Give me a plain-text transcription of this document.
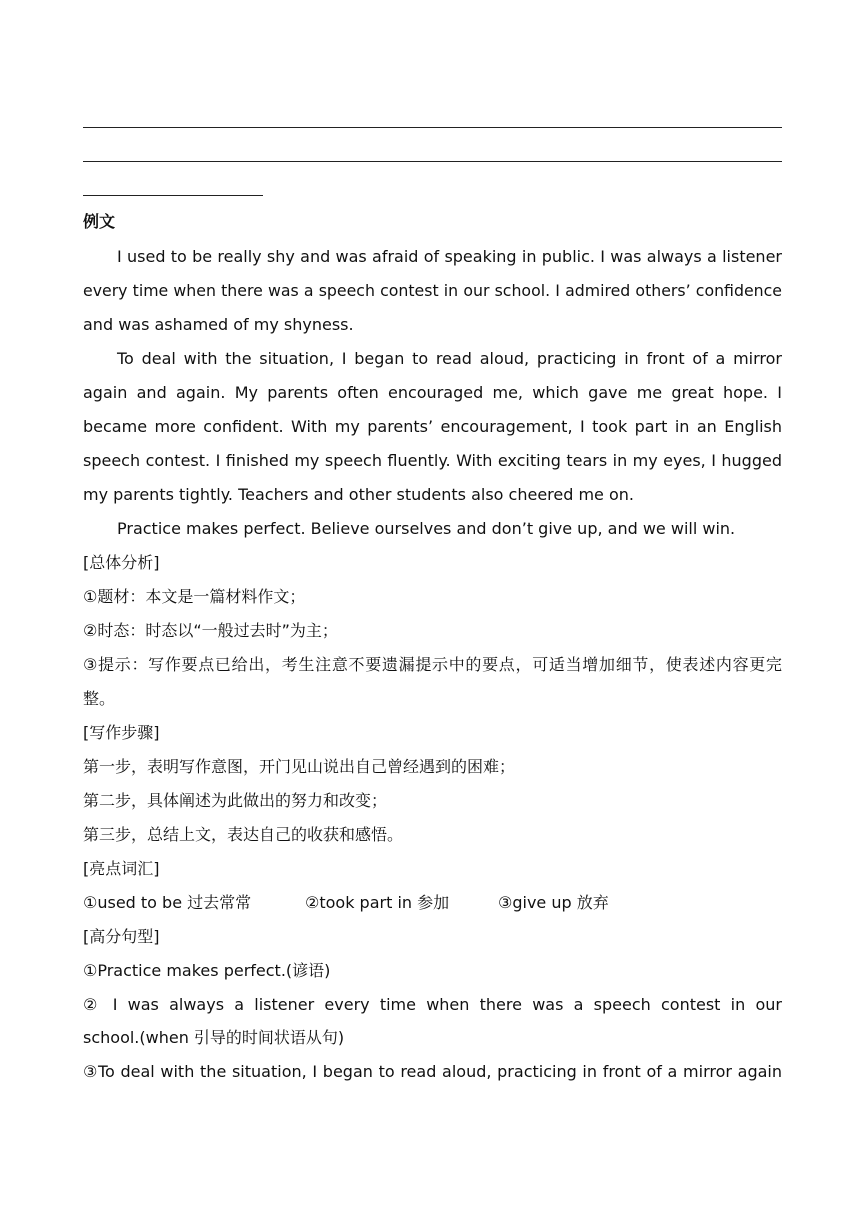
例文
I used to be really shy and was afraid of speaking in public. I was always a listener
every time when there was a speech contest in our school. I admired others’ confidence
and was ashamed of my shyness.
To deal with the situation, I began to read aloud, practicing in front of a mirror
again and again. My parents often encouraged me, which gave me great hope. I
became more confident. With my parents’ encouragement, I took part in an English
speech contest. I finished my speech fluently. With exciting tears in my eyes, I hugged
my parents tightly. Teachers and other students also cheered me on.
Practice makes perfect. Believe ourselves and don’t give up, and we will win.
[总体分析]
①题材：本文是一篇材料作文；
②时态：时态以“一般过去时”为主；
③提示：写作要点已给出，考生注意不要遗漏提示中的要点，可适当增加细节，使表述内容更完
整。
[写作步骤]
第一步，表明写作意图，开门见山说出自己曾经遇到的困难；
第二步，具体阐述为此做出的努力和改变；
第三步，总结上文，表达自己的收获和感悟。
[亮点词汇]
①used to be 过去常常	②took part in 参加	③give up 放弃
[高分句型]
①Practice makes perfect.(谚语)
② I was always a listener every time when there was a speech contest in our
school.(when 引导的时间状语从句)
③To deal with the situation, I began to read aloud, practicing in front of a mirror again
